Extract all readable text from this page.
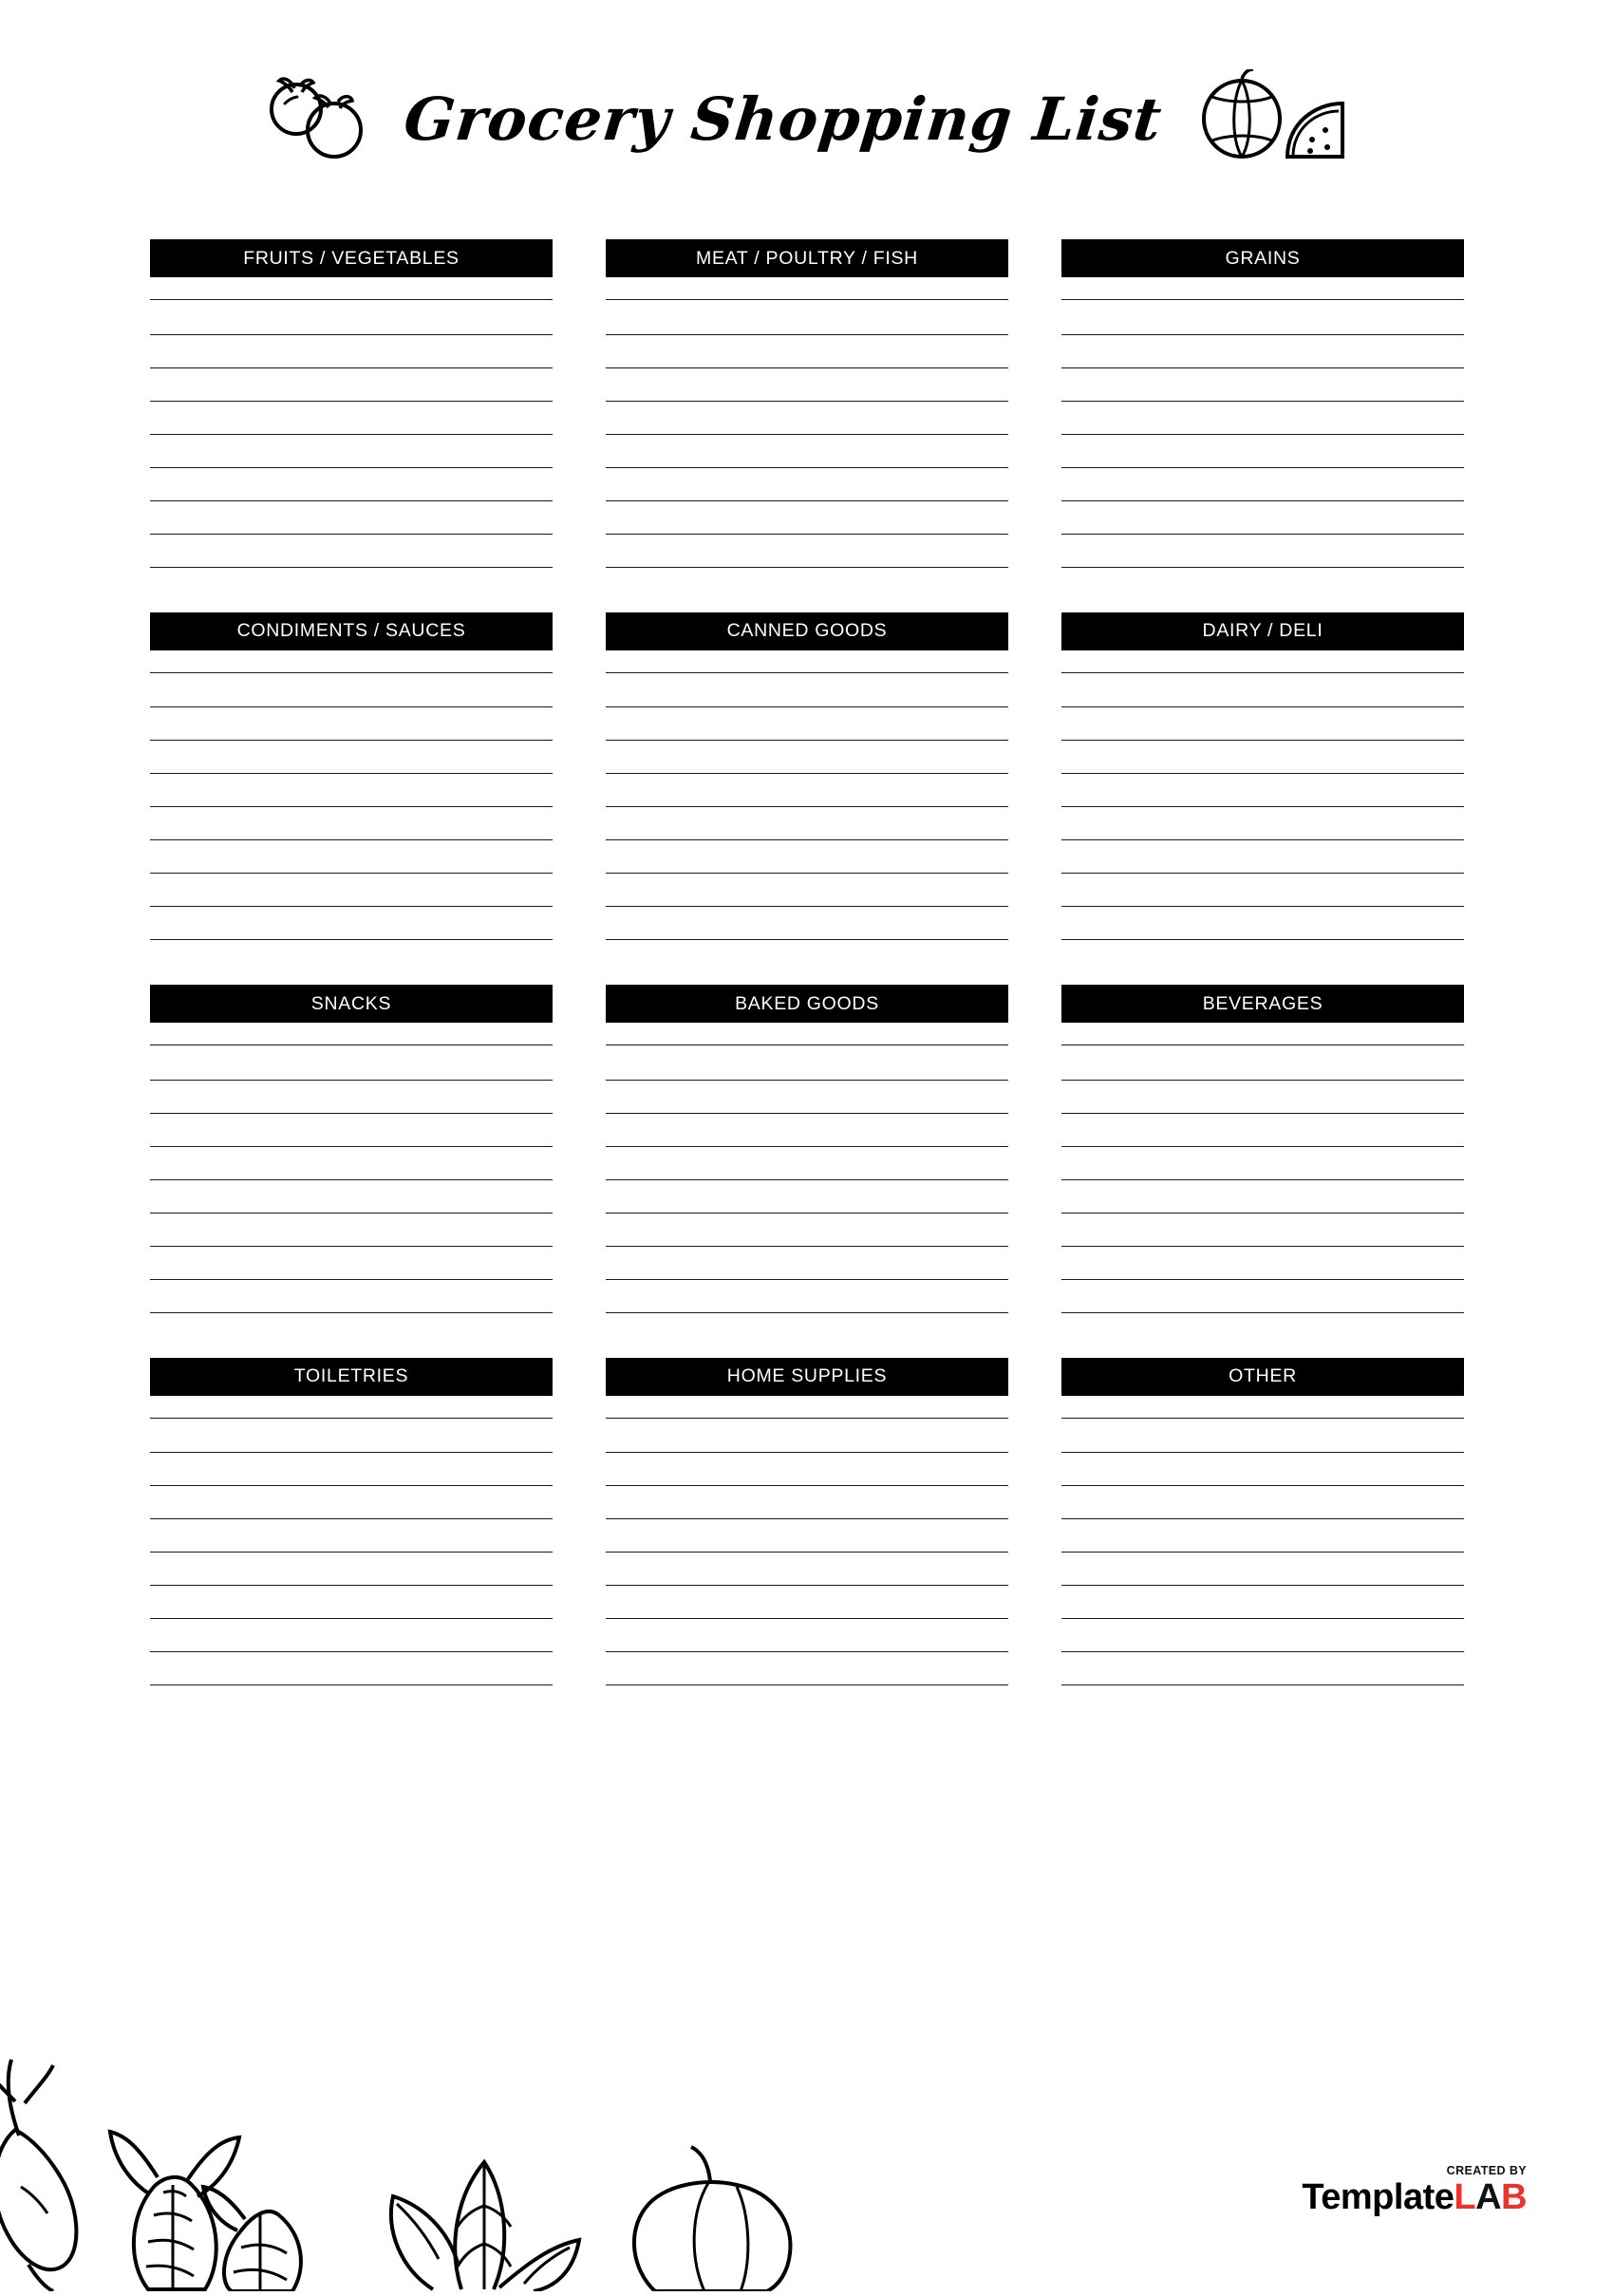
Grocery Shopping List
FRUITS / VEGETABLES	MEAT / POULTRY / FISH	GRAINS
CONDIMENTS / SAUCES	CANNED GOODS	DAIRY / DELI
SNACKS	BAKED GOODS	BEVERAGES
TOILETRIES	HOME SUPPLIES	OTHER
CREATED BY
TemplateLAB
